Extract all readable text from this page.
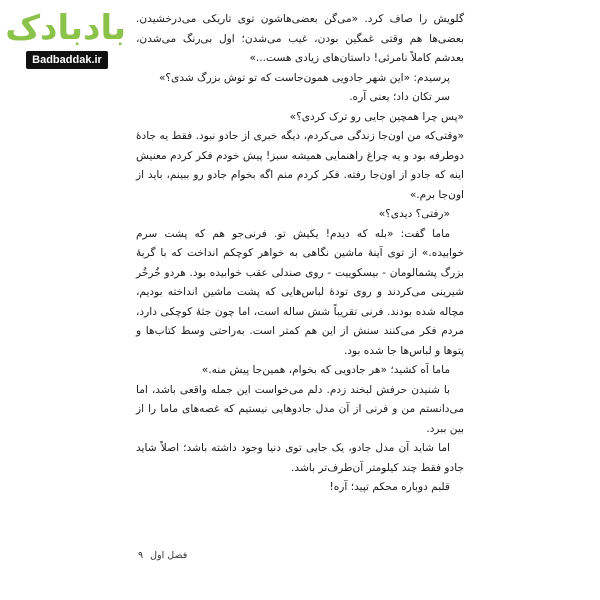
بادبادک
Badbaddak.ir

گلویش را صاف کرد. «می‌گن بعضی‌هاشون توی تاریکی می‌درخشیدن. بعضی‌ها هم وقتی غمگین بودن، غیب می‌شدن؛ اول بی‌رنگ می‌شدن، بعدشم کاملاً نامرئی! داستان‌های زیادی هست...»

پرسیدم: «این شهر جادویی همون‌جاست که تو توش بزرگ شدی؟»

سر تکان داد؛ یعنی آره.

«پس چرا همچین جایی رو ترک کردی؟»

«وقتی‌که من اون‌جا زندگی می‌کردم، دیگه خبری از جادو نبود. فقط یه جادهٔ دوطرفه بود و یه چراغ راهنمایی همیشه سبز! پیش خودم فکر کردم معنیش اینه که جادو از اون‌جا رفته. فکر کردم منم اگه بخوام جادو رو ببینم، باید از اون‌جا برم.»

«رفتی؟ دیدی؟»

ماما گفت: «بله که دیدم! یکیش تو. فرنی‌جو هم که پشت سرم خوابیده.» از توی آینهٔ ماشین نگاهی به خواهر کوچکم انداخت که با گربهٔ بزرگ پشمالومان - بیسکوییت - روی صندلی عقب خوابیده بود. هردو خُرخُر شیرینی می‌کردند و روی تودهٔ لباس‌هایی که پشت ماشین انداخته بودیم، مچاله شده بودند. فرنی تقریباً شش ساله است، اما چون جثهٔ کوچکی دارد، مردم فکر می‌کنند سنش از این هم کمتر است. به‌راحتی وسط کتاب‌ها و پتوها و لباس‌ها جا شده بود.

ماما آه کشید؛ «هر جادویی که بخوام، همین‌جا پیش منه.»

با شنیدن حرفش لبخند زدم. دلم می‌خواست این جمله واقعی باشد، اما می‌دانستم من و فرنی از آن مدل جادوهایی نیستیم که غصه‌های ماما را از بین ببرد.

اما شاید آن مدل جادو، یک جایی توی دنیا وجود داشته باشد؛ اصلاً شاید جادو فقط چند کیلومتر آن‌طرف‌تر باشد.

قلبم دوباره محکم تپید؛ آره!

فصل اول ۹
